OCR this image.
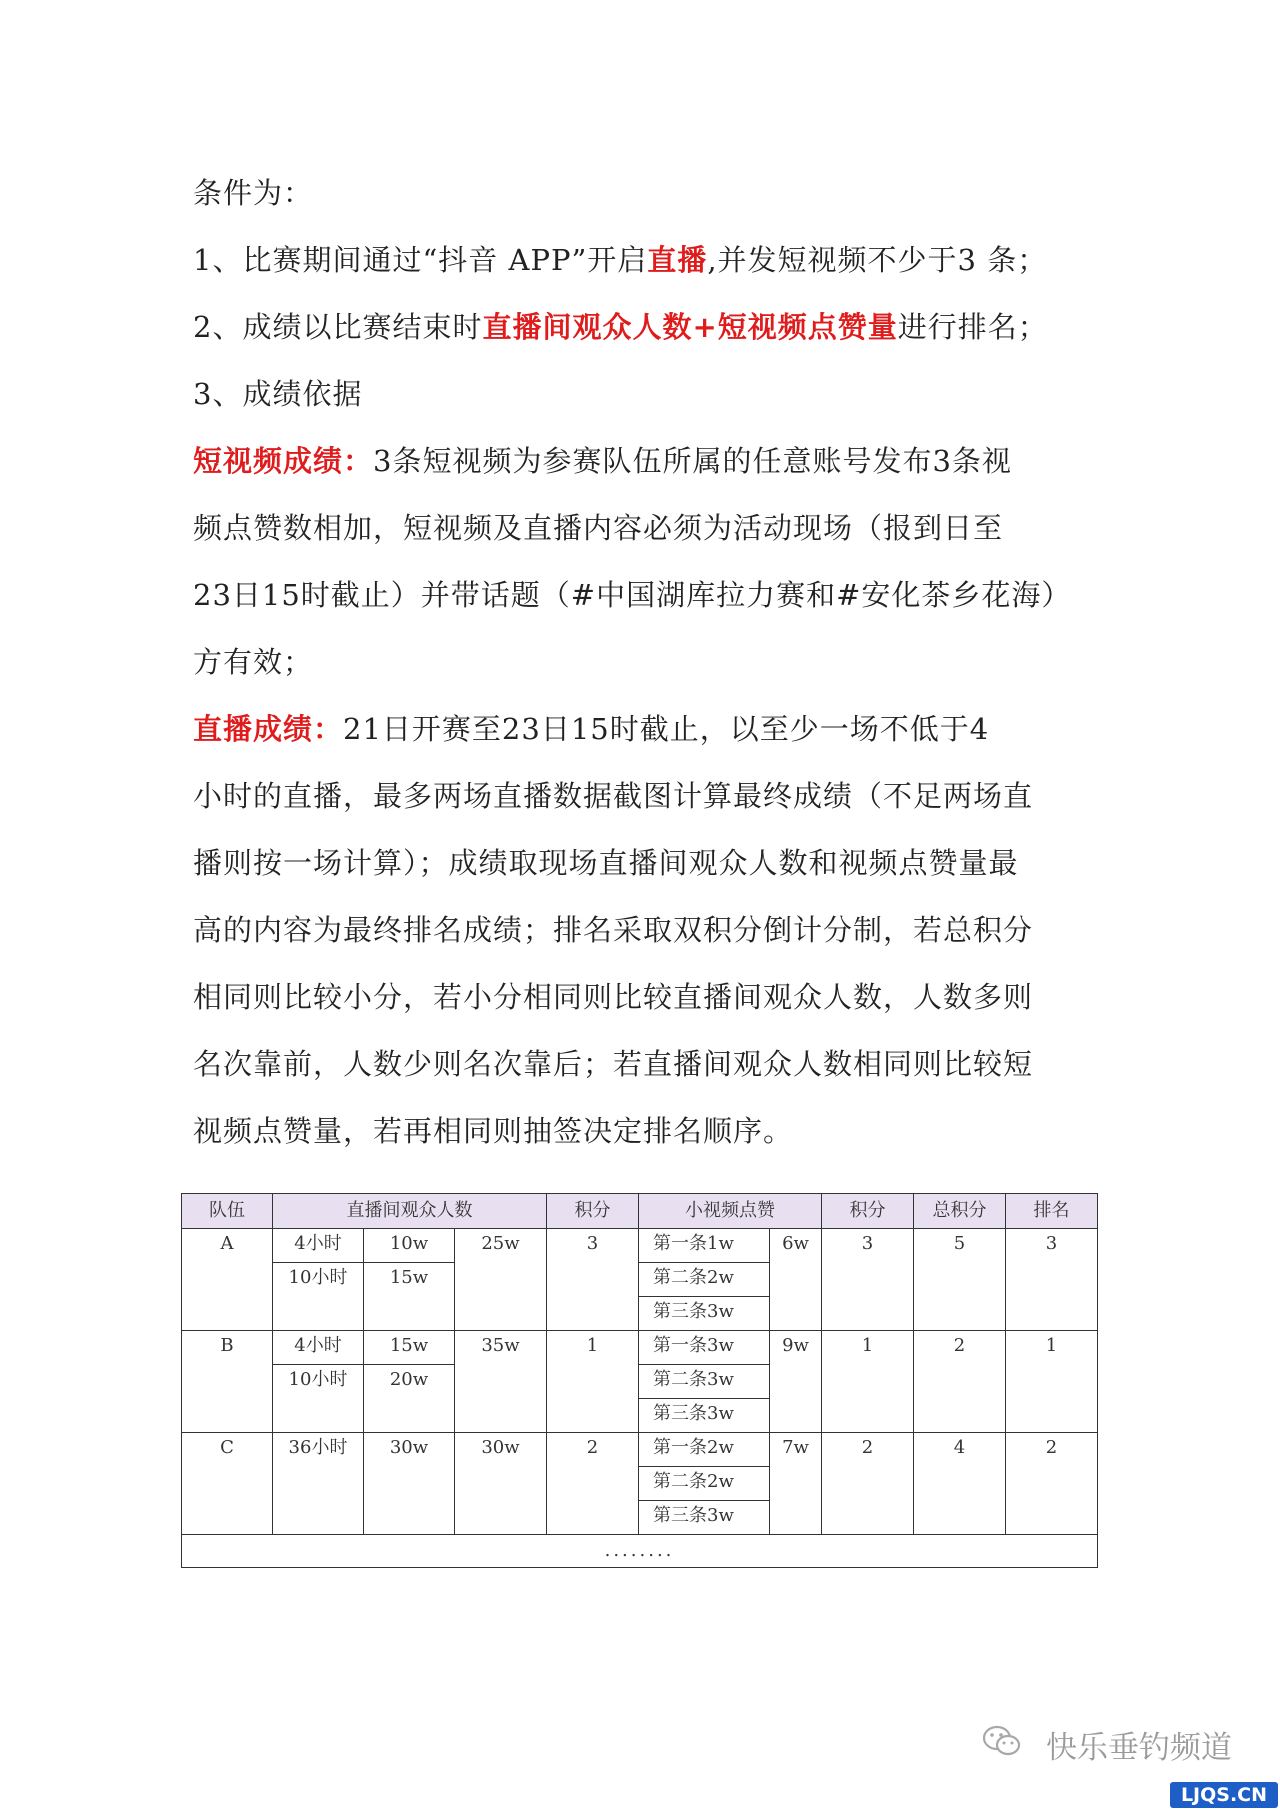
条件为：
1、比赛期间通过“抖音 APP”开启直播,并发短视频不少于3 条；
2、成绩以比赛结束时直播间观众人数+短视频点赞量进行排名；
3、成绩依据
短视频成绩：3条短视频为参赛队伍所属的任意账号发布3条视
频点赞数相加，短视频及直播内容必须为活动现场（报到日至
23日15时截止）并带话题（#中国湖库拉力赛和#安化茶乡花海）
方有效；
直播成绩：21日开赛至23日15时截止，以至少一场不低于4
小时的直播，最多两场直播数据截图计算最终成绩（不足两场直
播则按一场计算）；成绩取现场直播间观众人数和视频点赞量最
高的内容为最终排名成绩；排名采取双积分倒计分制，若总积分
相同则比较小分，若小分相同则比较直播间观众人数，人数多则
名次靠前，人数少则名次靠后；若直播间观众人数相同则比较短
视频点赞量，若再相同则抽签决定排名顺序。
队伍	直播间观众人数			积分	小视频点赞		积分	总积分	排名
A	4小时	10w	25w	3	第一条1w	6w	3	5	3
	10小时	15w			第二条2w				
					第三条3w				
B	4小时	15w	35w	1	第一条3w	9w	1	2	1
	10小时	20w			第二条3w				
					第三条3w				
C	36小时	30w	30w	2	第一条2w	7w	2	4	2
					第二条2w				
					第三条3w				
........									
快乐垂钓频道
LJQS.CN
